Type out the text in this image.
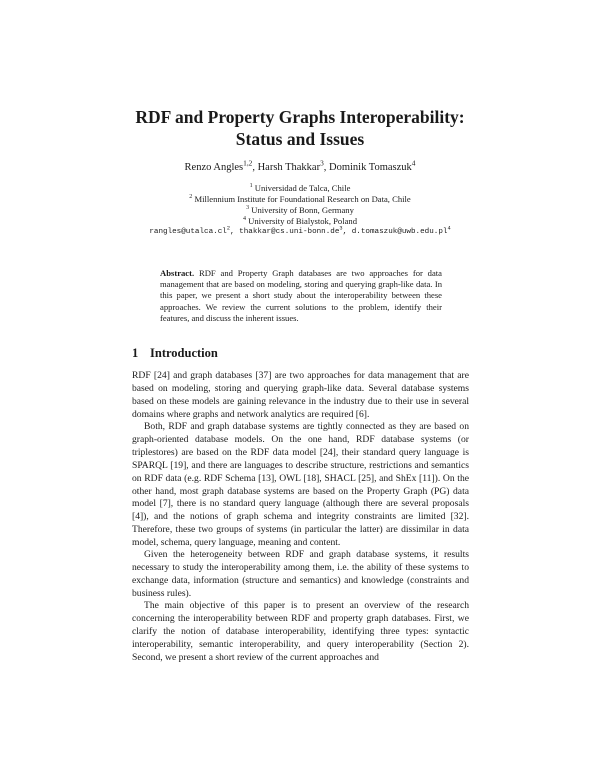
RDF and Property Graphs Interoperability:
Status and Issues
Renzo Angles$^{1,2}$, Harsh Thakkar$^3$, Dominik Tomaszuk$^4$
$^1$ Universidad de Talca, Chile
$^2$ Millennium Institute for Foundational Research on Data, Chile
$^3$ University of Bonn, Germany
$^4$ University of Bialystok, Poland
$rangles@utalca.cl^2$, $thakkar@cs.uni-bonn.de^3$, $d.tomaszuk@uwb.edu.pl^4$
Abstract. RDF and Property Graph databases are two approaches for data management that are based on modeling, storing and querying graph-like data. In this paper, we present a short study about the interoperability between these approaches. We review the current solutions to the problem, identify their features, and discuss the inherent issues.
1 Introduction

RDF [24] and graph databases [37] are two approaches for data management that are based on modeling, storing and querying graph-like data. Several database systems based on these models are gaining relevance in the industry due to their use in several domains where graphs and network analytics are required [6].

Both, RDF and graph database systems are tightly connected as they are based on graph-oriented database models. On the one hand, RDF database systems (or triplestores) are based on the RDF data model [24], their standard query language is SPARQL [19], and there are languages to describe structure, restrictions and semantics on RDF data (e.g. RDF Schema [13], OWL [18], SHACL [25], and ShEx [11]). On the other hand, most graph database systems are based on the Property Graph (PG) data model [7], there is no standard query language (although there are several proposals [4]), and the notions of graph schema and integrity constraints are limited [32]. Therefore, these two groups of systems (in particular the latter) are dissimilar in data model, schema, query language, meaning and content.

Given the heterogeneity between RDF and graph database systems, it results necessary to study the interoperability among them, i.e. the ability of these systems to exchange data, information (structure and semantics) and knowledge (constraints and business rules).

The main objective of this paper is to present an overview of the research concerning the interoperability between RDF and property graph databases. First, we clarify the notion of database interoperability, identifying three types: syntactic interoperability, semantic interoperability, and query interoperability (Section 2). Second, we present a short review of the current approaches and
